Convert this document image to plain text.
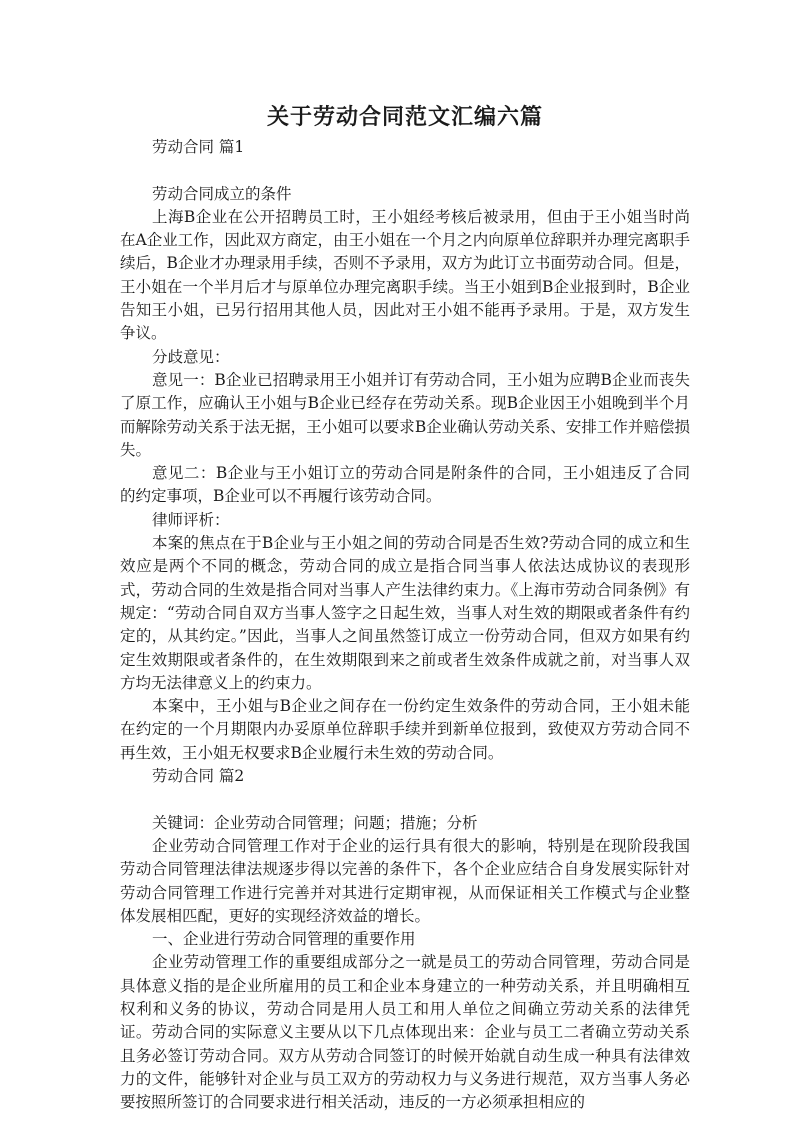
关于劳动合同范文汇编六篇

劳动合同 篇1

劳动合同成立的条件

上海B企业在公开招聘员工时，王小姐经考核后被录用，但由于王小姐当时尚在A企业工作，因此双方商定，由王小姐在一个月之内向原单位辞职并办理完离职手续后，B企业才办理录用手续，否则不予录用，双方为此订立书面劳动合同。但是，王小姐在一个半月后才与原单位办理完离职手续。当王小姐到B企业报到时，B企业告知王小姐，已另行招用其他人员，因此对王小姐不能再予录用。于是，双方发生争议。

分歧意见：

意见一：B企业已招聘录用王小姐并订有劳动合同，王小姐为应聘B企业而丧失了原工作，应确认王小姐与B企业已经存在劳动关系。现B企业因王小姐晚到半个月而解除劳动关系于法无据，王小姐可以要求B企业确认劳动关系、安排工作并赔偿损失。

意见二：B企业与王小姐订立的劳动合同是附条件的合同，王小姐违反了合同的约定事项，B企业可以不再履行该劳动合同。

律师评析：

本案的焦点在于B企业与王小姐之间的劳动合同是否生效?劳动合同的成立和生效应是两个不同的概念，劳动合同的成立是指合同当事人依法达成协议的表现形式，劳动合同的生效是指合同对当事人产生法律约束力。《上海市劳动合同条例》有规定：“劳动合同自双方当事人签字之日起生效，当事人对生效的期限或者条件有约定的，从其约定。”因此，当事人之间虽然签订成立一份劳动合同，但双方如果有约定生效期限或者条件的，在生效期限到来之前或者生效条件成就之前，对当事人双方均无法律意义上的约束力。

本案中，王小姐与B企业之间存在一份约定生效条件的劳动合同，王小姐未能在约定的一个月期限内办妥原单位辞职手续并到新单位报到，致使双方劳动合同不再生效，王小姐无权要求B企业履行未生效的劳动合同。

劳动合同 篇2

关键词：企业劳动合同管理；问题；措施；分析

企业劳动合同管理工作对于企业的运行具有很大的影响，特别是在现阶段我国劳动合同管理法律法规逐步得以完善的条件下，各个企业应结合自身发展实际针对劳动合同管理工作进行完善并对其进行定期审视，从而保证相关工作模式与企业整体发展相匹配，更好的实现经济效益的增长。

一、企业进行劳动合同管理的重要作用

企业劳动管理工作的重要组成部分之一就是员工的劳动合同管理，劳动合同是具体意义指的是企业所雇用的员工和企业本身建立的一种劳动关系，并且明确相互权利和义务的协议，劳动合同是用人员工和用人单位之间确立劳动关系的法律凭证。劳动合同的实际意义主要从以下几点体现出来：企业与员工二者确立劳动关系且务必签订劳动合同。双方从劳动合同签订的时候开始就自动生成一种具有法律效力的文件，能够针对企业与员工双方的劳动权力与义务进行规范，双方当事人务必要按照所签订的合同要求进行相关活动，违反的一方必须承担相应的
